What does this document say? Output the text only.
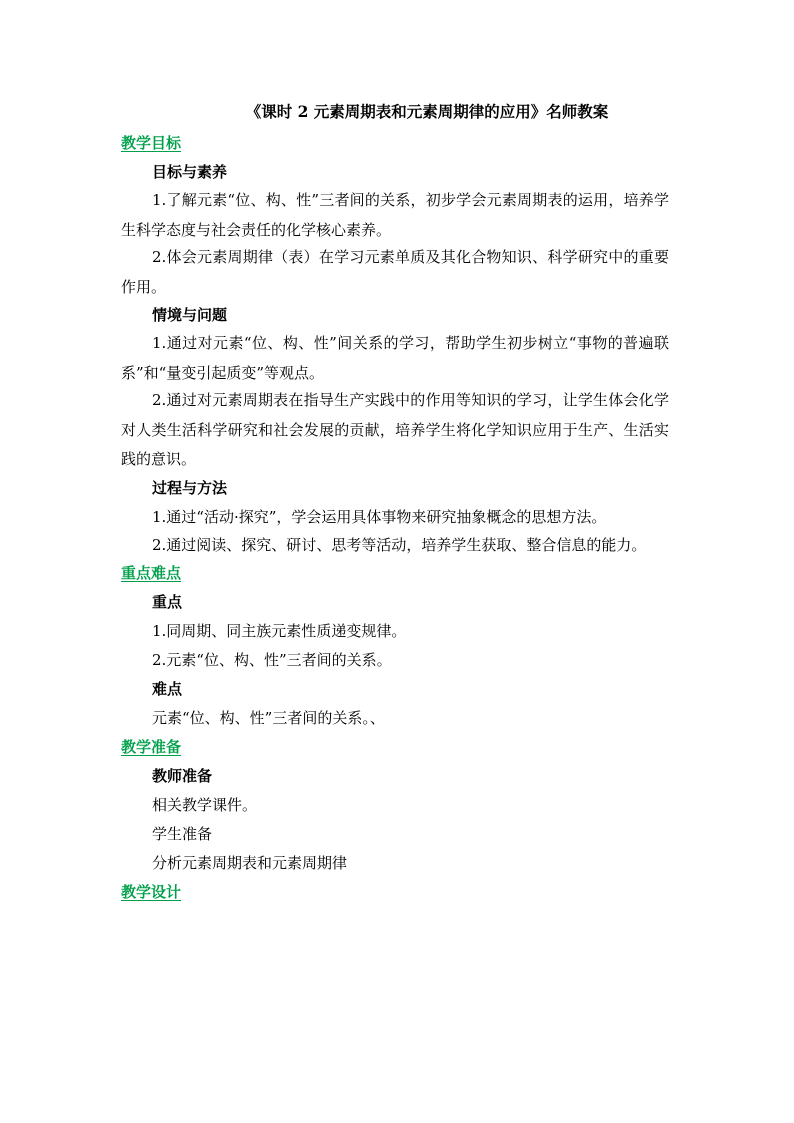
《课时 2 元素周期表和元素周期律的应用》名师教案
教学目标
目标与素养

1.了解元素“位、构、性”三者间的关系，初步学会元素周期表的运用，培养学生科学态度与社会责任的化学核心素养。

2.体会元素周期律（表）在学习元素单质及其化合物知识、科学研究中的重要作用。

情境与问题

1.通过对元素“位、构、性”间关系的学习，帮助学生初步树立“事物的普遍联系”和“量变引起质变”等观点。

2.通过对元素周期表在指导生产实践中的作用等知识的学习，让学生体会化学对人类生活科学研究和社会发展的贡献，培养学生将化学知识应用于生产、生活实践的意识。

过程与方法

1.通过“活动·探究”，学会运用具体事物来研究抽象概念的思想方法。

2.通过阅读、探究、研讨、思考等活动，培养学生获取、整合信息的能力。

重点难点
重点

1.同周期、同主族元素性质递变规律。

2.元素“位、构、性”三者间的关系。

难点

元素“位、构、性”三者间的关系。、

教学准备
教师准备

相关教学课件。

学生准备

分析元素周期表和元素周期律

教学设计
